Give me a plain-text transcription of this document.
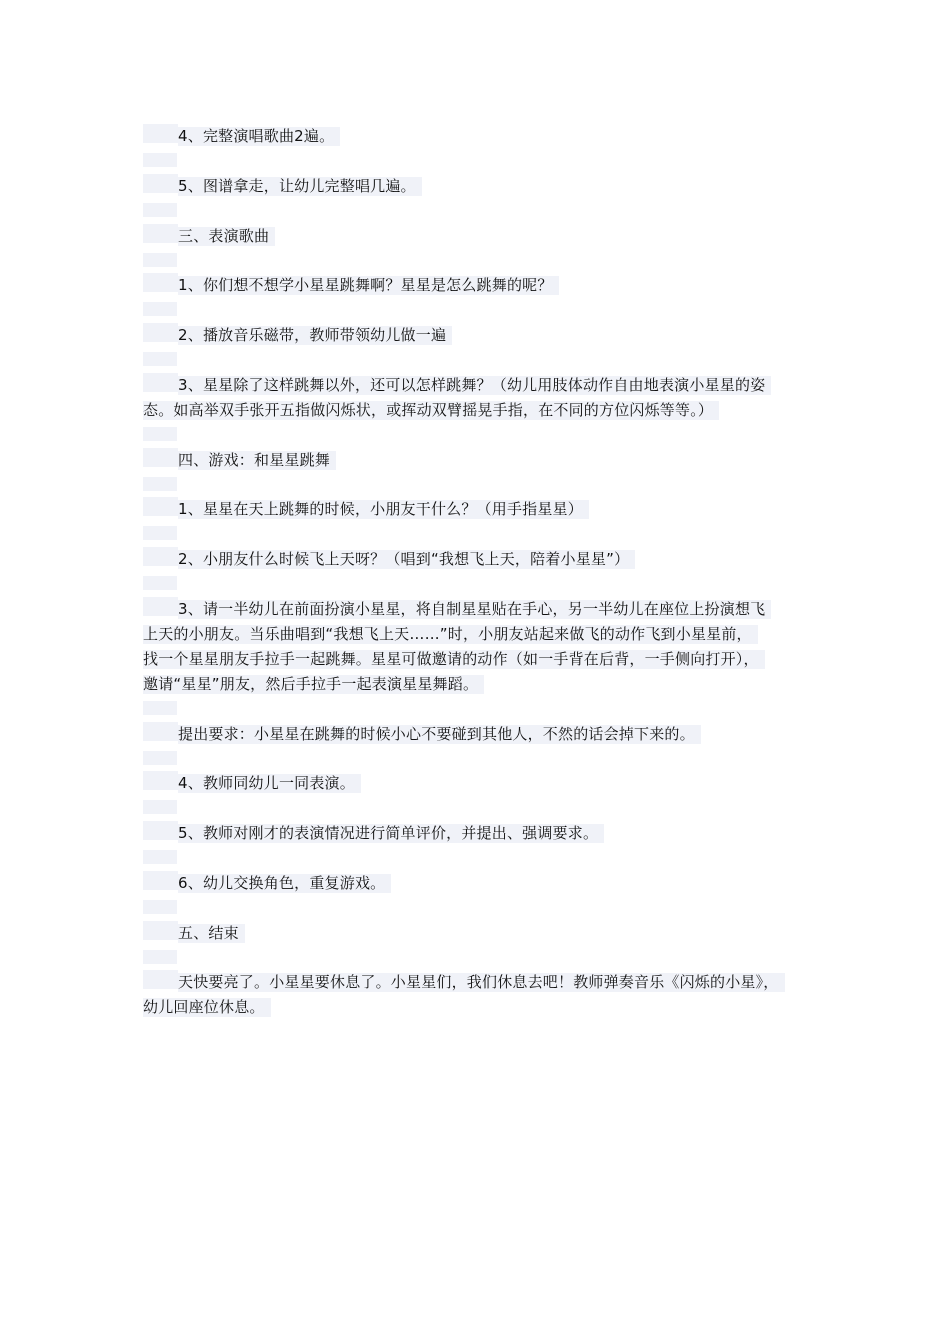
4、完整演唱歌曲2遍。
5、图谱拿走，让幼儿完整唱几遍。
三、表演歌曲
1、你们想不想学小星星跳舞啊？星星是怎么跳舞的呢？
2、播放音乐磁带，教师带领幼儿做一遍
3、星星除了这样跳舞以外，还可以怎样跳舞？（幼儿用肢体动作自由地表演小星星的姿
态。如高举双手张开五指做闪烁状，或挥动双臂摇晃手指，在不同的方位闪烁等等。）
四、游戏：和星星跳舞
1、星星在天上跳舞的时候，小朋友干什么？（用手指星星）
2、小朋友什么时候飞上天呀？（唱到“我想飞上天，陪着小星星”）
3、请一半幼儿在前面扮演小星星，将自制星星贴在手心，另一半幼儿在座位上扮演想飞
上天的小朋友。当乐曲唱到“我想飞上天……”时，小朋友站起来做飞的动作飞到小星星前，
找一个星星朋友手拉手一起跳舞。星星可做邀请的动作（如一手背在后背，一手侧向打开），
邀请“星星”朋友，然后手拉手一起表演星星舞蹈。
提出要求：小星星在跳舞的时候小心不要碰到其他人，不然的话会掉下来的。
4、教师同幼儿一同表演。
5、教师对刚才的表演情况进行简单评价，并提出、强调要求。
6、幼儿交换角色，重复游戏。
五、结束
天快要亮了。小星星要休息了。小星星们，我们休息去吧！教师弹奏音乐《闪烁的小星》，
幼儿回座位休息。
